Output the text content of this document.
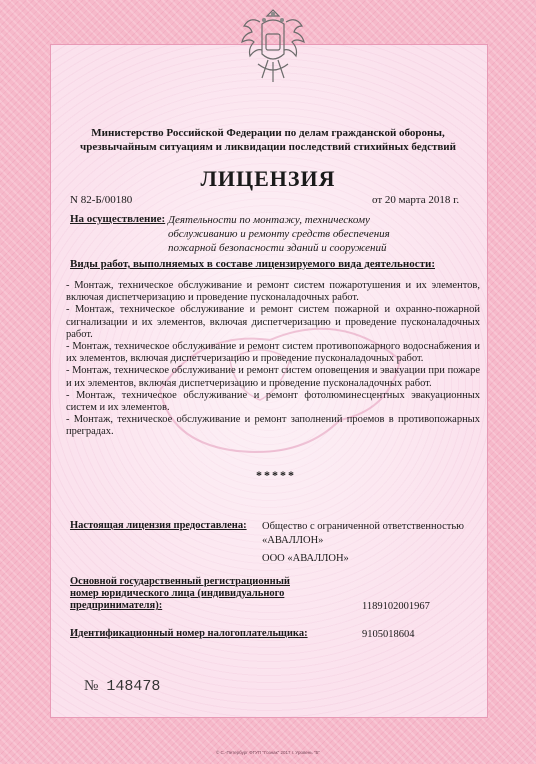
Министерство Российской Федерации по делам гражданской обороны, чрезвычайным ситуациям и ликвидации последствий стихийных бедствий

ЛИЦЕНЗИЯ

N 82-Б/00180	от 20 марта 2018 г.

На осуществление: Деятельности по монтажу, техническому обслуживанию и ремонту средств обеспечения пожарной безопасности зданий и сооружений

Виды работ, выполняемых в составе лицензируемого вида деятельности:

- Монтаж, техническое обслуживание и ремонт систем пожаротушения и их элементов, включая диспетчеризацию и проведение пусконаладочных работ.

- Монтаж, техническое обслуживание и ремонт систем пожарной и охранно-пожарной сигнализации и их элементов, включая диспетчеризацию и проведение пусконаладочных работ.

- Монтаж, техническое обслуживание и ремонт систем противопожарного водоснабжения и их элементов, включая диспетчеризацию и проведение пусконаладочных работ.

- Монтаж, техническое обслуживание и ремонт систем оповещения и эвакуации при пожаре и их элементов, включая диспетчеризацию и проведение пусконаладочных работ.

- Монтаж, техническое обслуживание и ремонт фотолюминесцентных эвакуационных систем и их элементов.

- Монтаж, техническое обслуживание и ремонт заполнений проемов в противопожарных преградах.

*****

Настоящая лицензия предоставлена: Общество с ограниченной ответственностью «АВАЛЛОН»

ООО «АВАЛЛОН»

Основной государственный регистрационный номер юридического лица (индивидуального предпринимателя):	1189102001967

Идентификационный номер налогоплательщика:	9105018604

№ 148478

© С.-Петербург ФГУП "Гознак" 2017 г. Уровень "Б"
